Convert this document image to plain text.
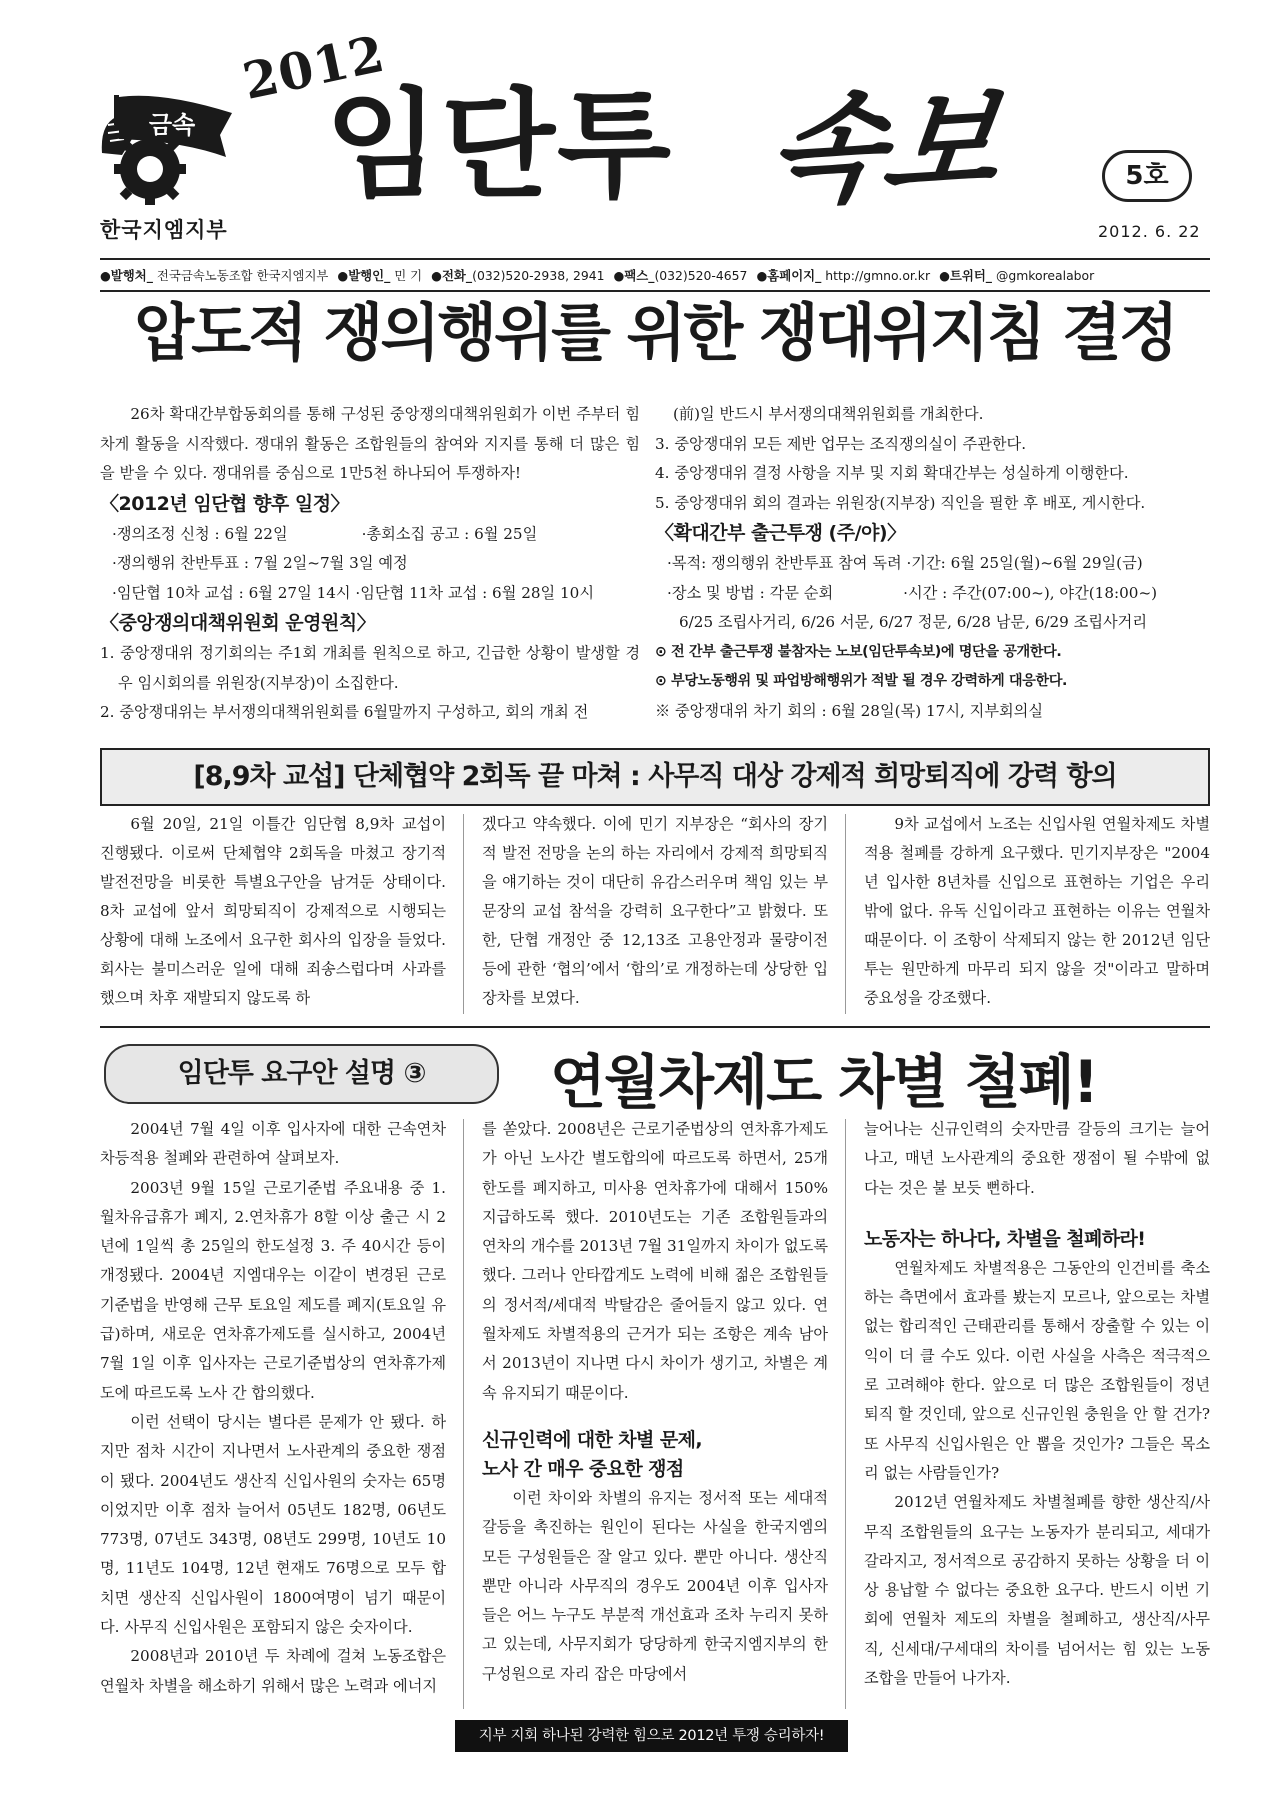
금속
한국지엠지부
2012
임단투 속보	5호
2012. 6. 22
●발행처_ 전국금속노동조합 한국지엠지부 ●발행인_ 민 기 ●전화_(032)520-2938, 2941 ●팩스_(032)520-4657 ●홈페이지_ http://gmno.or.kr ●트위터_ @gmkorealabor
압도적 쟁의행위를 위한 쟁대위지침 결정

26차 확대간부합동회의를 통해 구성된 중앙쟁의대책위원회가 이번 주부터 힘차게 활동을 시작했다. 쟁대위 활동은 조합원들의 참여와 지지를 통해 더 많은 힘을 받을 수 있다. 쟁대위를 중심으로 1만5천 하나되어 투쟁하자!

〈2012년 임단협 향후 일정〉
·쟁의조정 신청 : 6월 22일	·총회소집 공고 : 6월 25일
·쟁의행위 찬반투표 : 7월 2일~7월 3일 예정
·임단협 10차 교섭 : 6월 27일 14시 ·임단협 11차 교섭 : 6월 28일 10시
〈중앙쟁의대책위원회 운영원칙〉
1. 중앙쟁대위 정기회의는 주1회 개최를 원칙으로 하고, 긴급한 상황이 발생할 경우 임시회의를 위원장(지부장)이 소집한다.
2. 중앙쟁대위는 부서쟁의대책위원회를 6월말까지 구성하고, 회의 개최 전
(前)일 반드시 부서쟁의대책위원회를 개최한다.
3. 중앙쟁대위 모든 제반 업무는 조직쟁의실이 주관한다.
4. 중앙쟁대위 결정 사항을 지부 및 지회 확대간부는 성실하게 이행한다.
5. 중앙쟁대위 회의 결과는 위원장(지부장) 직인을 필한 후 배포, 게시한다.
〈확대간부 출근투쟁 (주/야)〉
·목적: 쟁의행위 찬반투표 참여 독려 ·기간: 6월 25일(월)~6월 29일(금)
·장소 및 방법 : 각문 순회	·시간 : 주간(07:00~), 야간(18:00~)
6/25 조립사거리, 6/26 서문, 6/27 정문, 6/28 남문, 6/29 조립사거리
⊙ 전 간부 출근투쟁 불참자는 노보(임단투속보)에 명단을 공개한다.
⊙ 부당노동행위 및 파업방해행위가 적발 될 경우 강력하게 대응한다.
※ 중앙쟁대위 차기 회의 : 6월 28일(목) 17시, 지부회의실
[8,9차 교섭] 단체협약 2회독 끝 마쳐 : 사무직 대상 강제적 희망퇴직에 강력 항의

6월 20일, 21일 이틀간 임단협 8,9차 교섭이 진행됐다. 이로써 단체협약 2회독을 마쳤고 장기적 발전전망을 비롯한 특별요구안을 남겨둔 상태이다. 8차 교섭에 앞서 희망퇴직이 강제적으로 시행되는 상황에 대해 노조에서 요구한 회사의 입장을 들었다. 회사는 불미스러운 일에 대해 죄송스럽다며 사과를 했으며 차후 재발되지 않도록 하

겠다고 약속했다. 이에 민기 지부장은 “회사의 장기적 발전 전망을 논의 하는 자리에서 강제적 희망퇴직을 얘기하는 것이 대단히 유감스러우며 책임 있는 부문장의 교섭 참석을 강력히 요구한다”고 밝혔다. 또한, 단협 개정안 중 12,13조 고용안정과 물량이전 등에 관한 ‘협의’에서 ‘합의’로 개정하는데 상당한 입장차를 보였다.

9차 교섭에서 노조는 신입사원 연월차제도 차별적용 철폐를 강하게 요구했다. 민기지부장은 "2004년 입사한 8년차를 신입으로 표현하는 기업은 우리 밖에 없다. 유독 신입이라고 표현하는 이유는 연월차 때문이다. 이 조항이 삭제되지 않는 한 2012년 임단투는 원만하게 마무리 되지 않을 것"이라고 말하며 중요성을 강조했다.

임단투 요구안 설명 ③	연월차제도 차별 철폐!

2004년 7월 4일 이후 입사자에 대한 근속연차 차등적용 철폐와 관련하여 살펴보자.

2003년 9월 15일 근로기준법 주요내용 중 1. 월차유급휴가 폐지, 2.연차휴가 8할 이상 출근 시 2년에 1일씩 총 25일의 한도설정 3. 주 40시간 등이 개정됐다. 2004년 지엠대우는 이같이 변경된 근로기준법을 반영해 근무 토요일 제도를 폐지(토요일 유급)하며, 새로운 연차휴가제도를 실시하고, 2004년 7월 1일 이후 입사자는 근로기준법상의 연차휴가제도에 따르도록 노사 간 합의했다.

이런 선택이 당시는 별다른 문제가 안 됐다. 하지만 점차 시간이 지나면서 노사관계의 중요한 쟁점이 됐다. 2004년도 생산직 신입사원의 숫자는 65명이었지만 이후 점차 늘어서 05년도 182명, 06년도 773명, 07년도 343명, 08년도 299명, 10년도 10명, 11년도 104명, 12년 현재도 76명으로 모두 합치면 생산직 신입사원이 1800여명이 넘기 때문이다. 사무직 신입사원은 포함되지 않은 숫자이다.

2008년과 2010년 두 차례에 걸쳐 노동조합은 연월차 차별을 해소하기 위해서 많은 노력과 에너지

를 쏟았다. 2008년은 근로기준법상의 연차휴가제도가 아닌 노사간 별도합의에 따르도록 하면서, 25개 한도를 폐지하고, 미사용 연차휴가에 대해서 150% 지급하도록 했다. 2010년도는 기존 조합원들과의 연차의 개수를 2013년 7월 31일까지 차이가 없도록 했다. 그러나 안타깝게도 노력에 비해 젊은 조합원들의 정서적/세대적 박탈감은 줄어들지 않고 있다. 연월차제도 차별적용의 근거가 되는 조항은 계속 남아서 2013년이 지나면 다시 차이가 생기고, 차별은 계속 유지되기 때문이다.

신규인력에 대한 차별 문제,
노사 간 매우 중요한 쟁점

이런 차이와 차별의 유지는 정서적 또는 세대적 갈등을 촉진하는 원인이 된다는 사실을 한국지엠의 모든 구성원들은 잘 알고 있다. 뿐만 아니다. 생산직뿐만 아니라 사무직의 경우도 2004년 이후 입사자들은 어느 누구도 부분적 개선효과 조차 누리지 못하고 있는데, 사무지회가 당당하게 한국지엠지부의 한 구성원으로 자리 잡은 마당에서

늘어나는 신규인력의 숫자만큼 갈등의 크기는 늘어나고, 매년 노사관계의 중요한 쟁점이 될 수밖에 없다는 것은 불 보듯 뻔하다.

노동자는 하나다, 차별을 철폐하라!

연월차제도 차별적용은 그동안의 인건비를 축소하는 측면에서 효과를 봤는지 모르나, 앞으로는 차별없는 합리적인 근태관리를 통해서 장출할 수 있는 이익이 더 클 수도 있다. 이런 사실을 사측은 적극적으로 고려해야 한다. 앞으로 더 많은 조합원들이 정년퇴직 할 것인데, 앞으로 신규인원 충원을 안 할 건가? 또 사무직 신입사원은 안 뽑을 것인가? 그들은 목소리 없는 사람들인가?

2012년 연월차제도 차별철폐를 향한 생산직/사무직 조합원들의 요구는 노동자가 분리되고, 세대가 갈라지고, 정서적으로 공감하지 못하는 상황을 더 이상 용납할 수 없다는 중요한 요구다. 반드시 이번 기회에 연월차 제도의 차별을 철폐하고, 생산직/사무직, 신세대/구세대의 차이를 넘어서는 힘 있는 노동조합을 만들어 나가자.

지부 지회 하나된 강력한 힘으로 2012년 투쟁 승리하자!
